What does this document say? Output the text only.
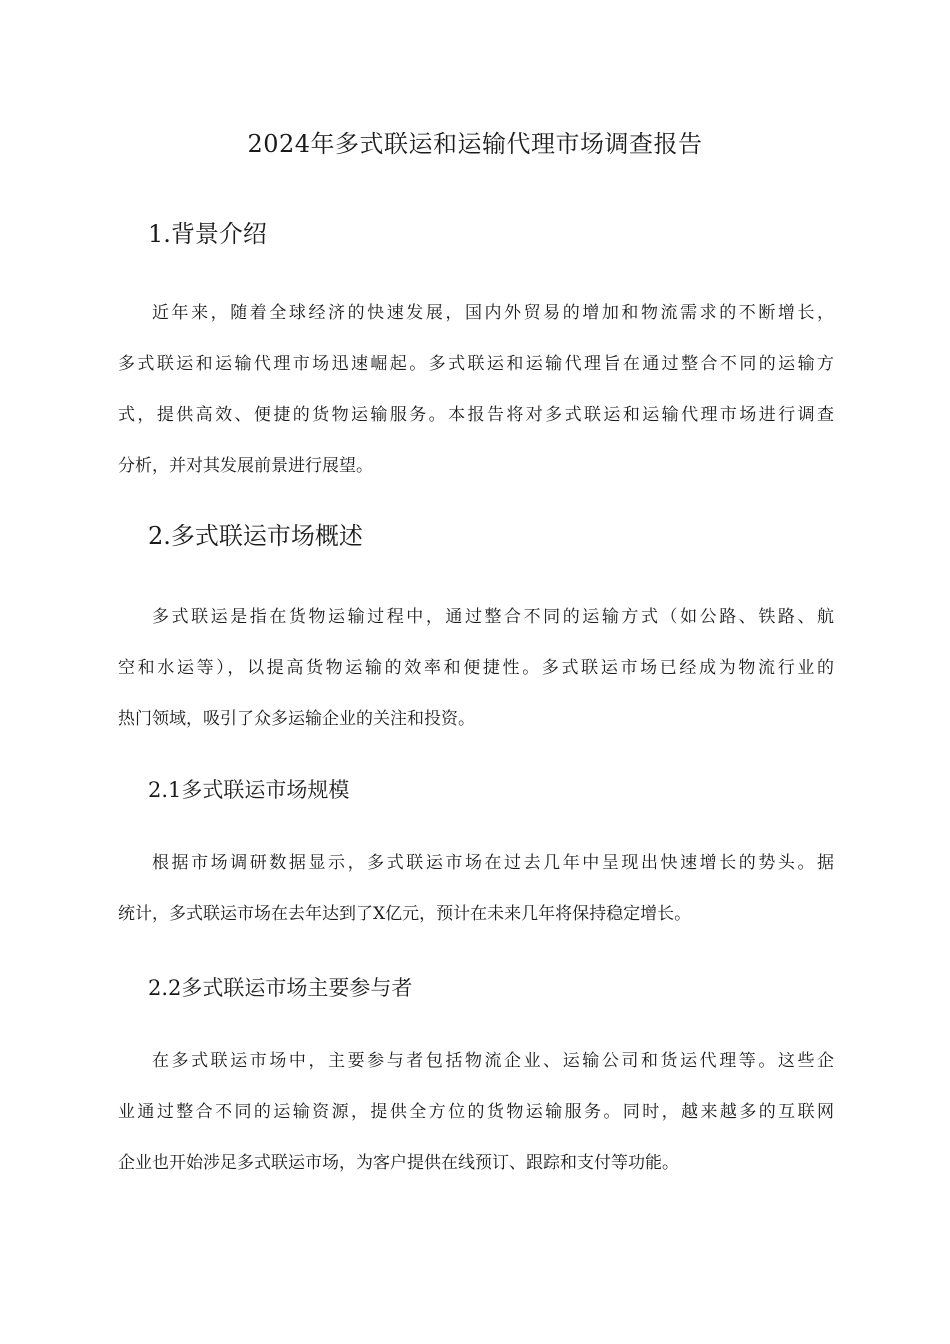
2024年多式联运和运输代理市场调查报告
1.背景介绍
近年来，随着全球经济的快速发展，国内外贸易的增加和物流需求的不断增长，
多式联运和运输代理市场迅速崛起。多式联运和运输代理旨在通过整合不同的运输方
式，提供高效、便捷的货物运输服务。本报告将对多式联运和运输代理市场进行调查
分析，并对其发展前景进行展望。
2.多式联运市场概述
多式联运是指在货物运输过程中，通过整合不同的运输方式（如公路、铁路、航
空和水运等），以提高货物运输的效率和便捷性。多式联运市场已经成为物流行业的
热门领域，吸引了众多运输企业的关注和投资。
2.1多式联运市场规模
根据市场调研数据显示，多式联运市场在过去几年中呈现出快速增长的势头。据
统计，多式联运市场在去年达到了X亿元，预计在未来几年将保持稳定增长。
2.2多式联运市场主要参与者
在多式联运市场中，主要参与者包括物流企业、运输公司和货运代理等。这些企
业通过整合不同的运输资源，提供全方位的货物运输服务。同时，越来越多的互联网
企业也开始涉足多式联运市场，为客户提供在线预订、跟踪和支付等功能。
